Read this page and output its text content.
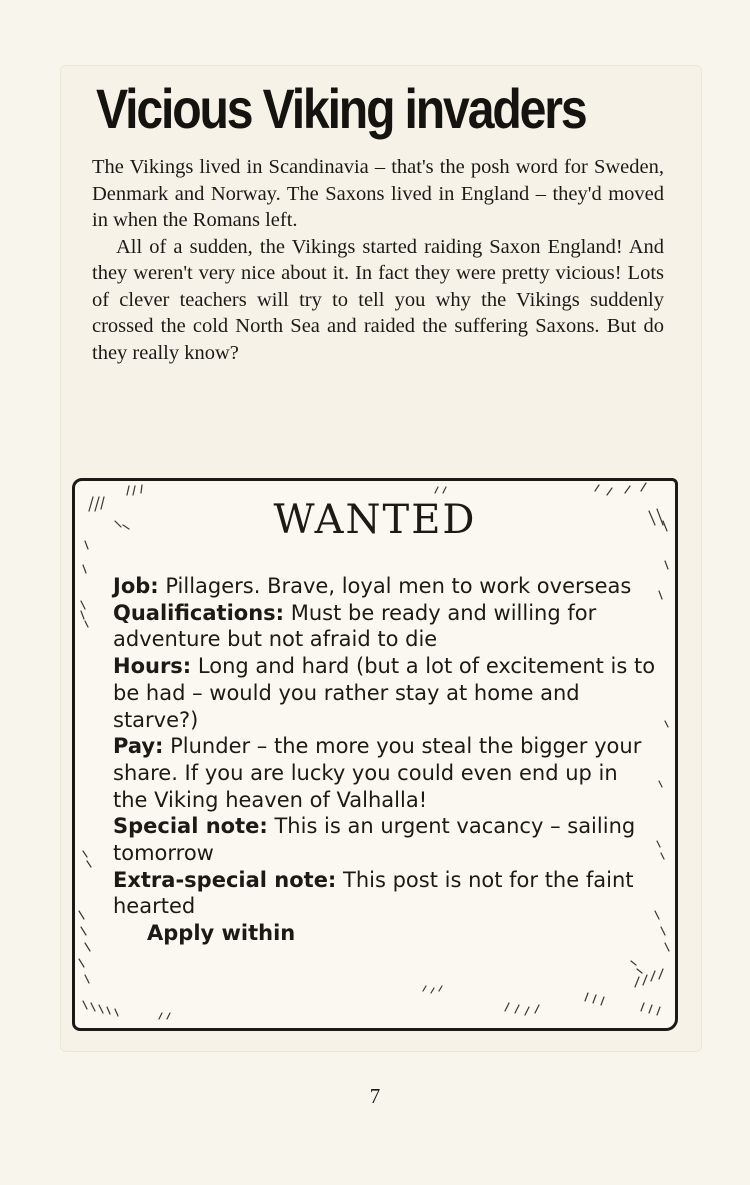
Vicious Viking invaders

The Vikings lived in Scandinavia – that's the posh word for Sweden, Denmark and Norway. The Saxons lived in England – they'd moved in when the Romans left.

All of a sudden, the Vikings started raiding Saxon England! And they weren't very nice about it. In fact they were pretty vicious! Lots of clever teachers will try to tell you why the Vikings suddenly crossed the cold North Sea and raided the suffering Saxons. But do they really know?

WANTED

Job: Pillagers. Brave, loyal men to work overseas

Qualifications: Must be ready and willing for adventure but not afraid to die

Hours: Long and hard (but a lot of excitement is to be had – would you rather stay at home and starve?)

Pay: Plunder – the more you steal the bigger your share. If you are lucky you could even end up in the Viking heaven of Valhalla!

Special note: This is an urgent vacancy – sailing tomorrow

Extra-special note: This post is not for the faint hearted

Apply within

7
